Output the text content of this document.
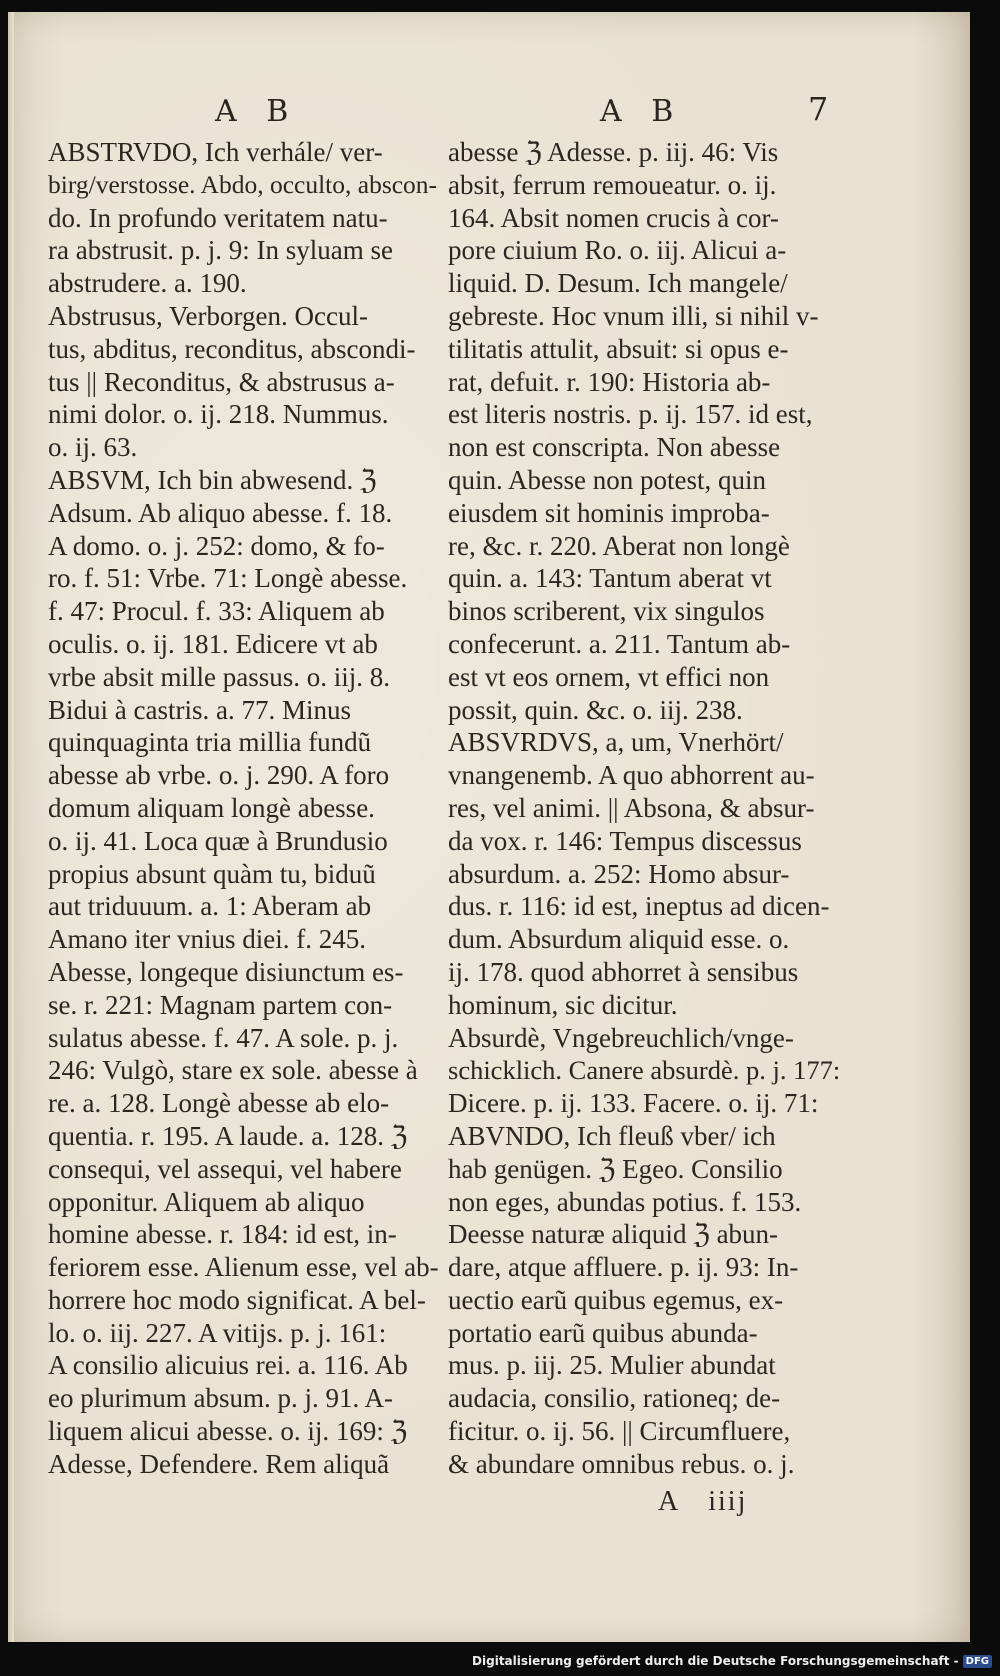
A B	A B	7
ABSTRVDO, Ich verhále/ ver-
birg/verstosse. Abdo, occulto, abscon-
do. In profundo veritatem natu-
ra abstrusit. p. j. 9: In syluam se
abstrudere. a. 190.
Abstrusus, Verborgen. Occul-
tus, abditus, reconditus, abscondi-
tus || Reconditus, & abstrusus a-
nimi dolor. o. ij. 218. Nummus.
o. ij. 63.
ABSVM, Ich bin abwesend. ℨ
Adsum. Ab aliquo abesse. f. 18.
A domo. o. j. 252: domo, & fo-
ro. f. 51: Vrbe. 71: Longè abesse.
f. 47: Procul. f. 33: Aliquem ab
oculis. o. ij. 181. Edicere vt ab
vrbe absit mille passus. o. iij. 8.
Bidui à castris. a. 77. Minus
quinquaginta tria millia fundũ
abesse ab vrbe. o. j. 290. A foro
domum aliquam longè abesse.
o. ij. 41. Loca quæ à Brundusio
propius absunt quàm tu, biduũ
aut triduuum. a. 1: Aberam ab
Amano iter vnius diei. f. 245.
Abesse, longeque disiunctum es-
se. r. 221: Magnam partem con-
sulatus abesse. f. 47. A sole. p. j.
246: Vulgò, stare ex sole. abesse à
re. a. 128. Longè abesse ab elo-
quentia. r. 195. A laude. a. 128. ℨ
consequi, vel assequi, vel habere
opponitur. Aliquem ab aliquo
homine abesse. r. 184: id est, in-
feriorem esse. Alienum esse, vel ab-
horrere hoc modo significat. A bel-
lo. o. iij. 227. A vitijs. p. j. 161:
A consilio alicuius rei. a. 116. Ab
eo plurimum absum. p. j. 91. A-
liquem alicui abesse. o. ij. 169: ℨ
Adesse, Defendere. Rem aliquã
abesse ℨ Adesse. p. iij. 46: Vis
absit, ferrum remoueatur. o. ij.
164. Absit nomen crucis à cor-
pore ciuium Ro. o. iij. Alicui a-
liquid. D. Desum. Ich mangele/
gebreste. Hoc vnum illi, si nihil v-
tilitatis attulit, absuit: si opus e-
rat, defuit. r. 190: Historia ab-
est literis nostris. p. ij. 157. id est,
non est conscripta. Non abesse
quin. Abesse non potest, quin
eiusdem sit hominis improba-
re, &c. r. 220. Aberat non longè
quin. a. 143: Tantum aberat vt
binos scriberent, vix singulos
confecerunt. a. 211. Tantum ab-
est vt eos ornem, vt effici non
possit, quin. &c. o. iij. 238.
ABSVRDVS, a, um, Vnerhört/
vnangenemb. A quo abhorrent au-
res, vel animi. || Absona, & absur-
da vox. r. 146: Tempus discessus
absurdum. a. 252: Homo absur-
dus. r. 116: id est, ineptus ad dicen-
dum. Absurdum aliquid esse. o.
ij. 178. quod abhorret à sensibus
hominum, sic dicitur.
Absurdè, Vngebreuchlich/vnge-
schicklich. Canere absurdè. p. j. 177:
Dicere. p. ij. 133. Facere. o. ij. 71:
ABVNDO, Ich fleuß vber/ ich
hab genügen. ℨ Egeo. Consilio
non eges, abundas potius. f. 153.
Deesse naturæ aliquid ℨ abun-
dare, atque affluere. p. ij. 93: In-
uectio earũ quibus egemus, ex-
portatio earũ quibus abunda-
mus. p. iij. 25. Mulier abundat
audacia, consilio, rationeq; de-
ficitur. o. ij. 56. || Circumfluere,
& abundare omnibus rebus. o. j.
A iiij
Digitalisierung gefördert durch die Deutsche Forschungsgemeinschaft - DFG
